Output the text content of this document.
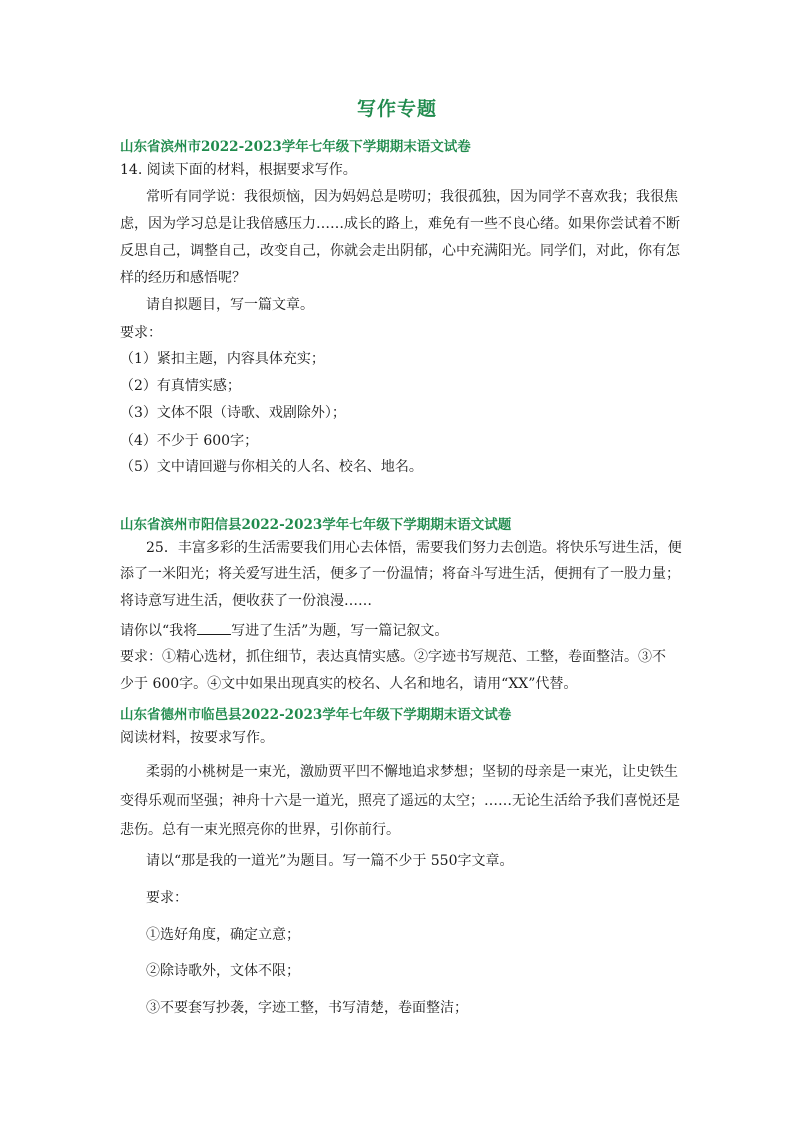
写作专题
山东省滨州市2022-2023学年七年级下学期期末语文试卷
14. 阅读下面的材料，根据要求写作。
常听有同学说：我很烦恼，因为妈妈总是唠叨；我很孤独，因为同学不喜欢我；我很焦
虑，因为学习总是让我倍感压力……成长的路上，难免有一些不良心绪。如果你尝试着不断
反思自己，调整自己，改变自己，你就会走出阴郁，心中充满阳光。同学们，对此，你有怎
样的经历和感悟呢？
请自拟题目，写一篇文章。
要求：
（1）紧扣主题，内容具体充实；
（2）有真情实感；
（3）文体不限（诗歌、戏剧除外）；
（4）不少于 600字；
（5）文中请回避与你相关的人名、校名、地名。
山东省滨州市阳信县2022-2023学年七年级下学期期末语文试题
25．丰富多彩的生活需要我们用心去体悟，需要我们努力去创造。将快乐写进生活，便
添了一米阳光；将关爱写进生活，便多了一份温情；将奋斗写进生活，便拥有了一股力量；
将诗意写进生活，便收获了一份浪漫……
请你以“我将 写进了生活”为题，写一篇记叙文。
要求：①精心选材，抓住细节，表达真情实感。②字迹书写规范、工整，卷面整洁。③不
少于 600字。④文中如果出现真实的校名、人名和地名，请用“XX”代替。
山东省德州市临邑县2022-2023学年七年级下学期期末语文试卷
阅读材料，按要求写作。
柔弱的小桃树是一束光，激励贾平凹不懈地追求梦想；坚韧的母亲是一束光，让史铁生
变得乐观而坚强；神舟十六是一道光，照亮了遥远的太空；……无论生活给予我们喜悦还是
悲伤。总有一束光照亮你的世界，引你前行。
请以“那是我的一道光”为题目。写一篇不少于 550字文章。
要求：
①选好角度，确定立意；
②除诗歌外，文体不限；
③不要套写抄袭，字迹工整，书写清楚，卷面整洁；
